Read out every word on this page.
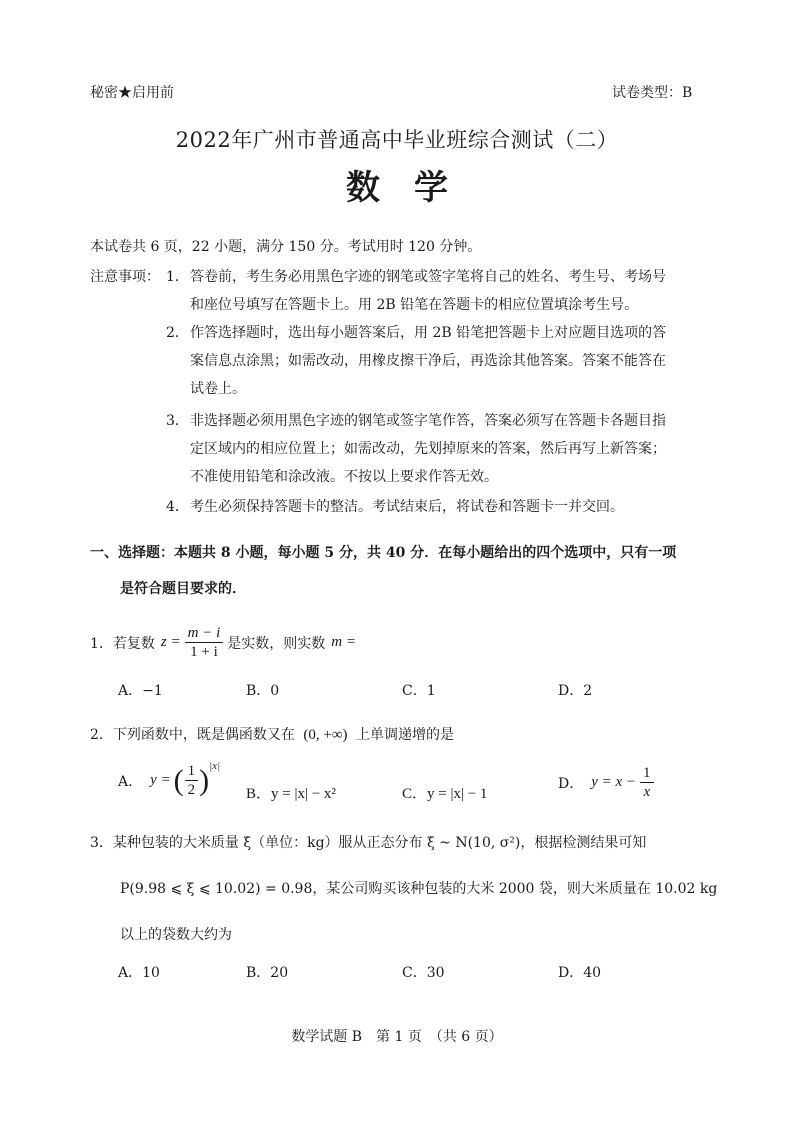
秘密★启用前	试卷类型：B
2022年广州市普通高中毕业班综合测试（二）
数　学
本试卷共 6 页，22 小题，满分 150 分。考试用时 120 分钟。
注意事项： 1． 答卷前，考生务必用黑色字迹的钢笔或签字笔将自己的姓名、考生号、考场号
和座位号填写在答题卡上。用 2B 铅笔在答题卡的相应位置填涂考生号。
2． 作答选择题时，选出每小题答案后，用 2B 铅笔把答题卡上对应题目选项的答
案信息点涂黑；如需改动，用橡皮擦干净后，再选涂其他答案。答案不能答在
试卷上。
3． 非选择题必须用黑色字迹的钢笔或签字笔作答，答案必须写在答题卡各题目指
定区域内的相应位置上；如需改动，先划掉原来的答案，然后再写上新答案；
不准使用铅笔和涂改液。不按以上要求作答无效。
4． 考生必须保持答题卡的整洁。考试结束后，将试卷和答题卡一并交回。
一、选择题：本题共 8 小题，每小题 5 分，共 40 分．在每小题给出的四个选项中，只有一项
是符合题目要求的．
1． 若复数 $z = \frac{m - i}{1 + i}$ 是实数，则实数 m =
A．−1	B．0	C．1	D．2
2．下列函数中，既是偶函数又在 (0, +∞) 上单调递增的是
A． y = ( $\frac{1}{2}$ ) |x|
B．y = |x| − x²	C．y = |x| − 1
D． $y = x - \frac{1}{x}$
3．某种包装的大米质量 ξ（单位：kg）服从正态分布 ξ ~ N(10, σ²)，根据检测结果可知
P(9.98 ⩽ ξ ⩽ 10.02) = 0.98，某公司购买该种包装的大米 2000 袋，则大米质量在 10.02 kg
以上的袋数大约为
A．10	B．20	C．30	D．40
数学试题 B　第 1 页　（共 6 页）
